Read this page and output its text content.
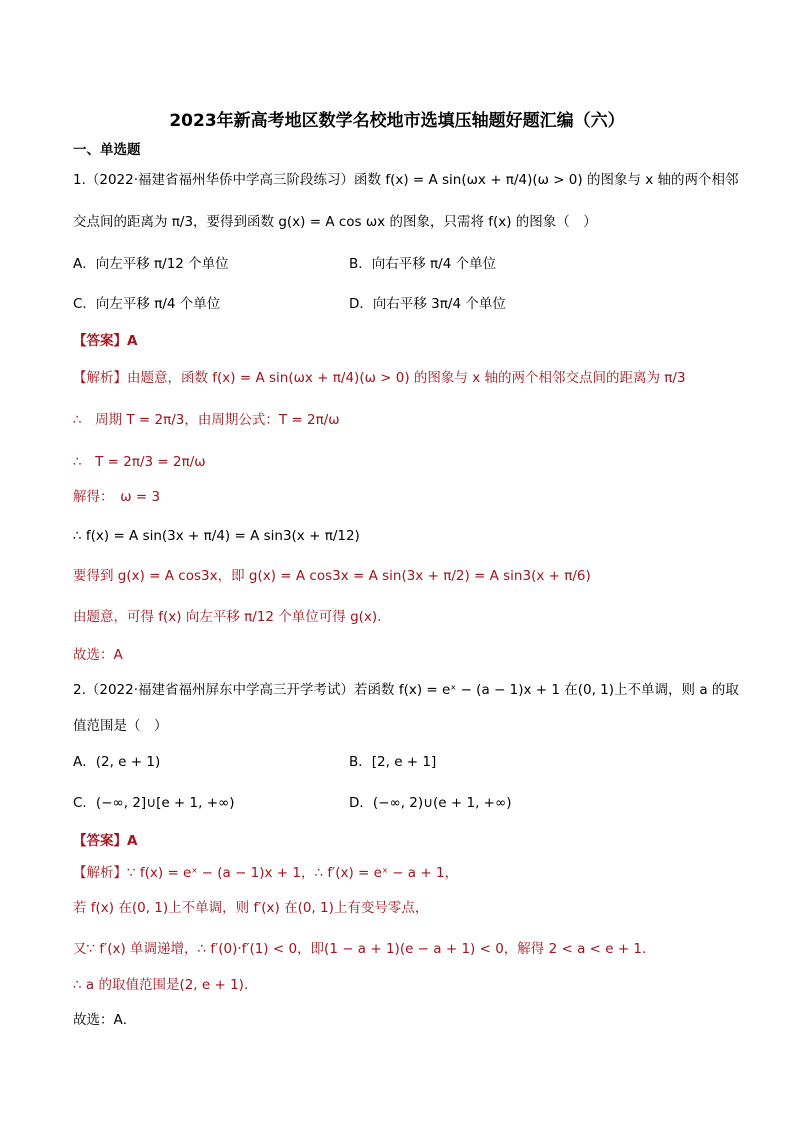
2023年新高考地区数学名校地市选填压轴题好题汇编（六）
一、单选题
1.（2022·福建省福州华侨中学高三阶段练习）函数 f(x) = A sin(ωx + π/4)(ω > 0) 的图象与 x 轴的两个相邻
交点间的距离为 π/3，要得到函数 g(x) = A cos ωx 的图象，只需将 f(x) 的图象（　）
A．向左平移 π/12 个单位	B．向右平移 π/4 个单位
C．向左平移 π/4 个单位	D．向右平移 3π/4 个单位
【答案】A
【解析】由题意，函数 f(x) = A sin(ωx + π/4)(ω > 0) 的图象与 x 轴的两个相邻交点间的距离为 π/3
∴　周期 T = 2π/3，由周期公式：T = 2π/ω
∴　T = 2π/3 = 2π/ω
解得：　ω = 3
∴ f(x) = A sin(3x + π/4) = A sin3(x + π/12)
要得到 g(x) = A cos3x，即 g(x) = A cos3x = A sin(3x + π/2) = A sin3(x + π/6)
由题意，可得 f(x) 向左平移 π/12 个单位可得 g(x).
故选：A
2.（2022·福建省福州屏东中学高三开学考试）若函数 f(x) = eˣ − (a − 1)x + 1 在(0, 1)上不单调，则 a 的取
值范围是（　）
A．(2, e + 1)	B．[2, e + 1]
C．(−∞, 2]∪[e + 1, +∞)	D．(−∞, 2)∪(e + 1, +∞)
【答案】A
【解析】∵ f(x) = eˣ − (a − 1)x + 1，∴ f′(x) = eˣ − a + 1，
若 f(x) 在(0, 1)上不单调，则 f′(x) 在(0, 1)上有变号零点，
又∵ f′(x) 单调递增，∴ f′(0)·f′(1) < 0，即(1 − a + 1)(e − a + 1) < 0，解得 2 < a < e + 1．
∴ a 的取值范围是(2, e + 1)．
故选：A．
